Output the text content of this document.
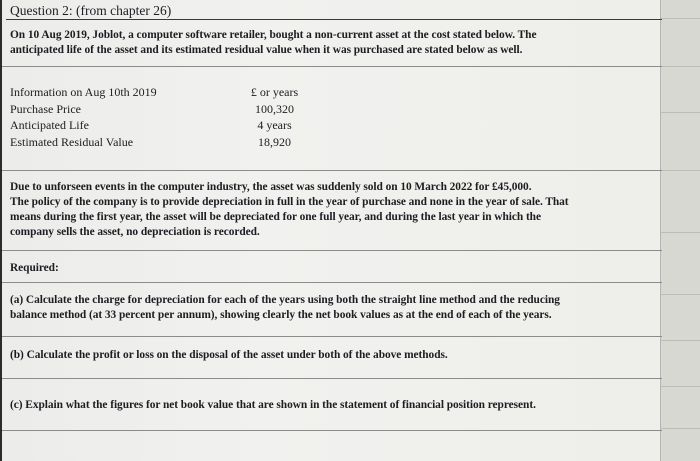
Question 2: (from chapter 26)
On 10 Aug 2019, Joblot, a computer software retailer, bought a non-current asset at the cost stated below. The
anticipated life of the asset and its estimated residual value when it was purchased are stated below as well.
Information on Aug 10th 2019	£ or years
Purchase Price	100,320
Anticipated Life	4 years
Estimated Residual Value	18,920
Due to unforseen events in the computer industry, the asset was suddenly sold on 10 March 2022 for £45,000.
The policy of the company is to provide depreciation in full in the year of purchase and none in the year of sale. That
means during the first year, the asset will be depreciated for one full year, and during the last year in which the
company sells the asset, no depreciation is recorded.
Required:
(a) Calculate the charge for depreciation for each of the years using both the straight line method and the reducing
balance method (at 33 percent per annum), showing clearly the net book values as at the end of each of the years.
(b) Calculate the profit or loss on the disposal of the asset under both of the above methods.
(c) Explain what the figures for net book value that are shown in the statement of financial position represent.
